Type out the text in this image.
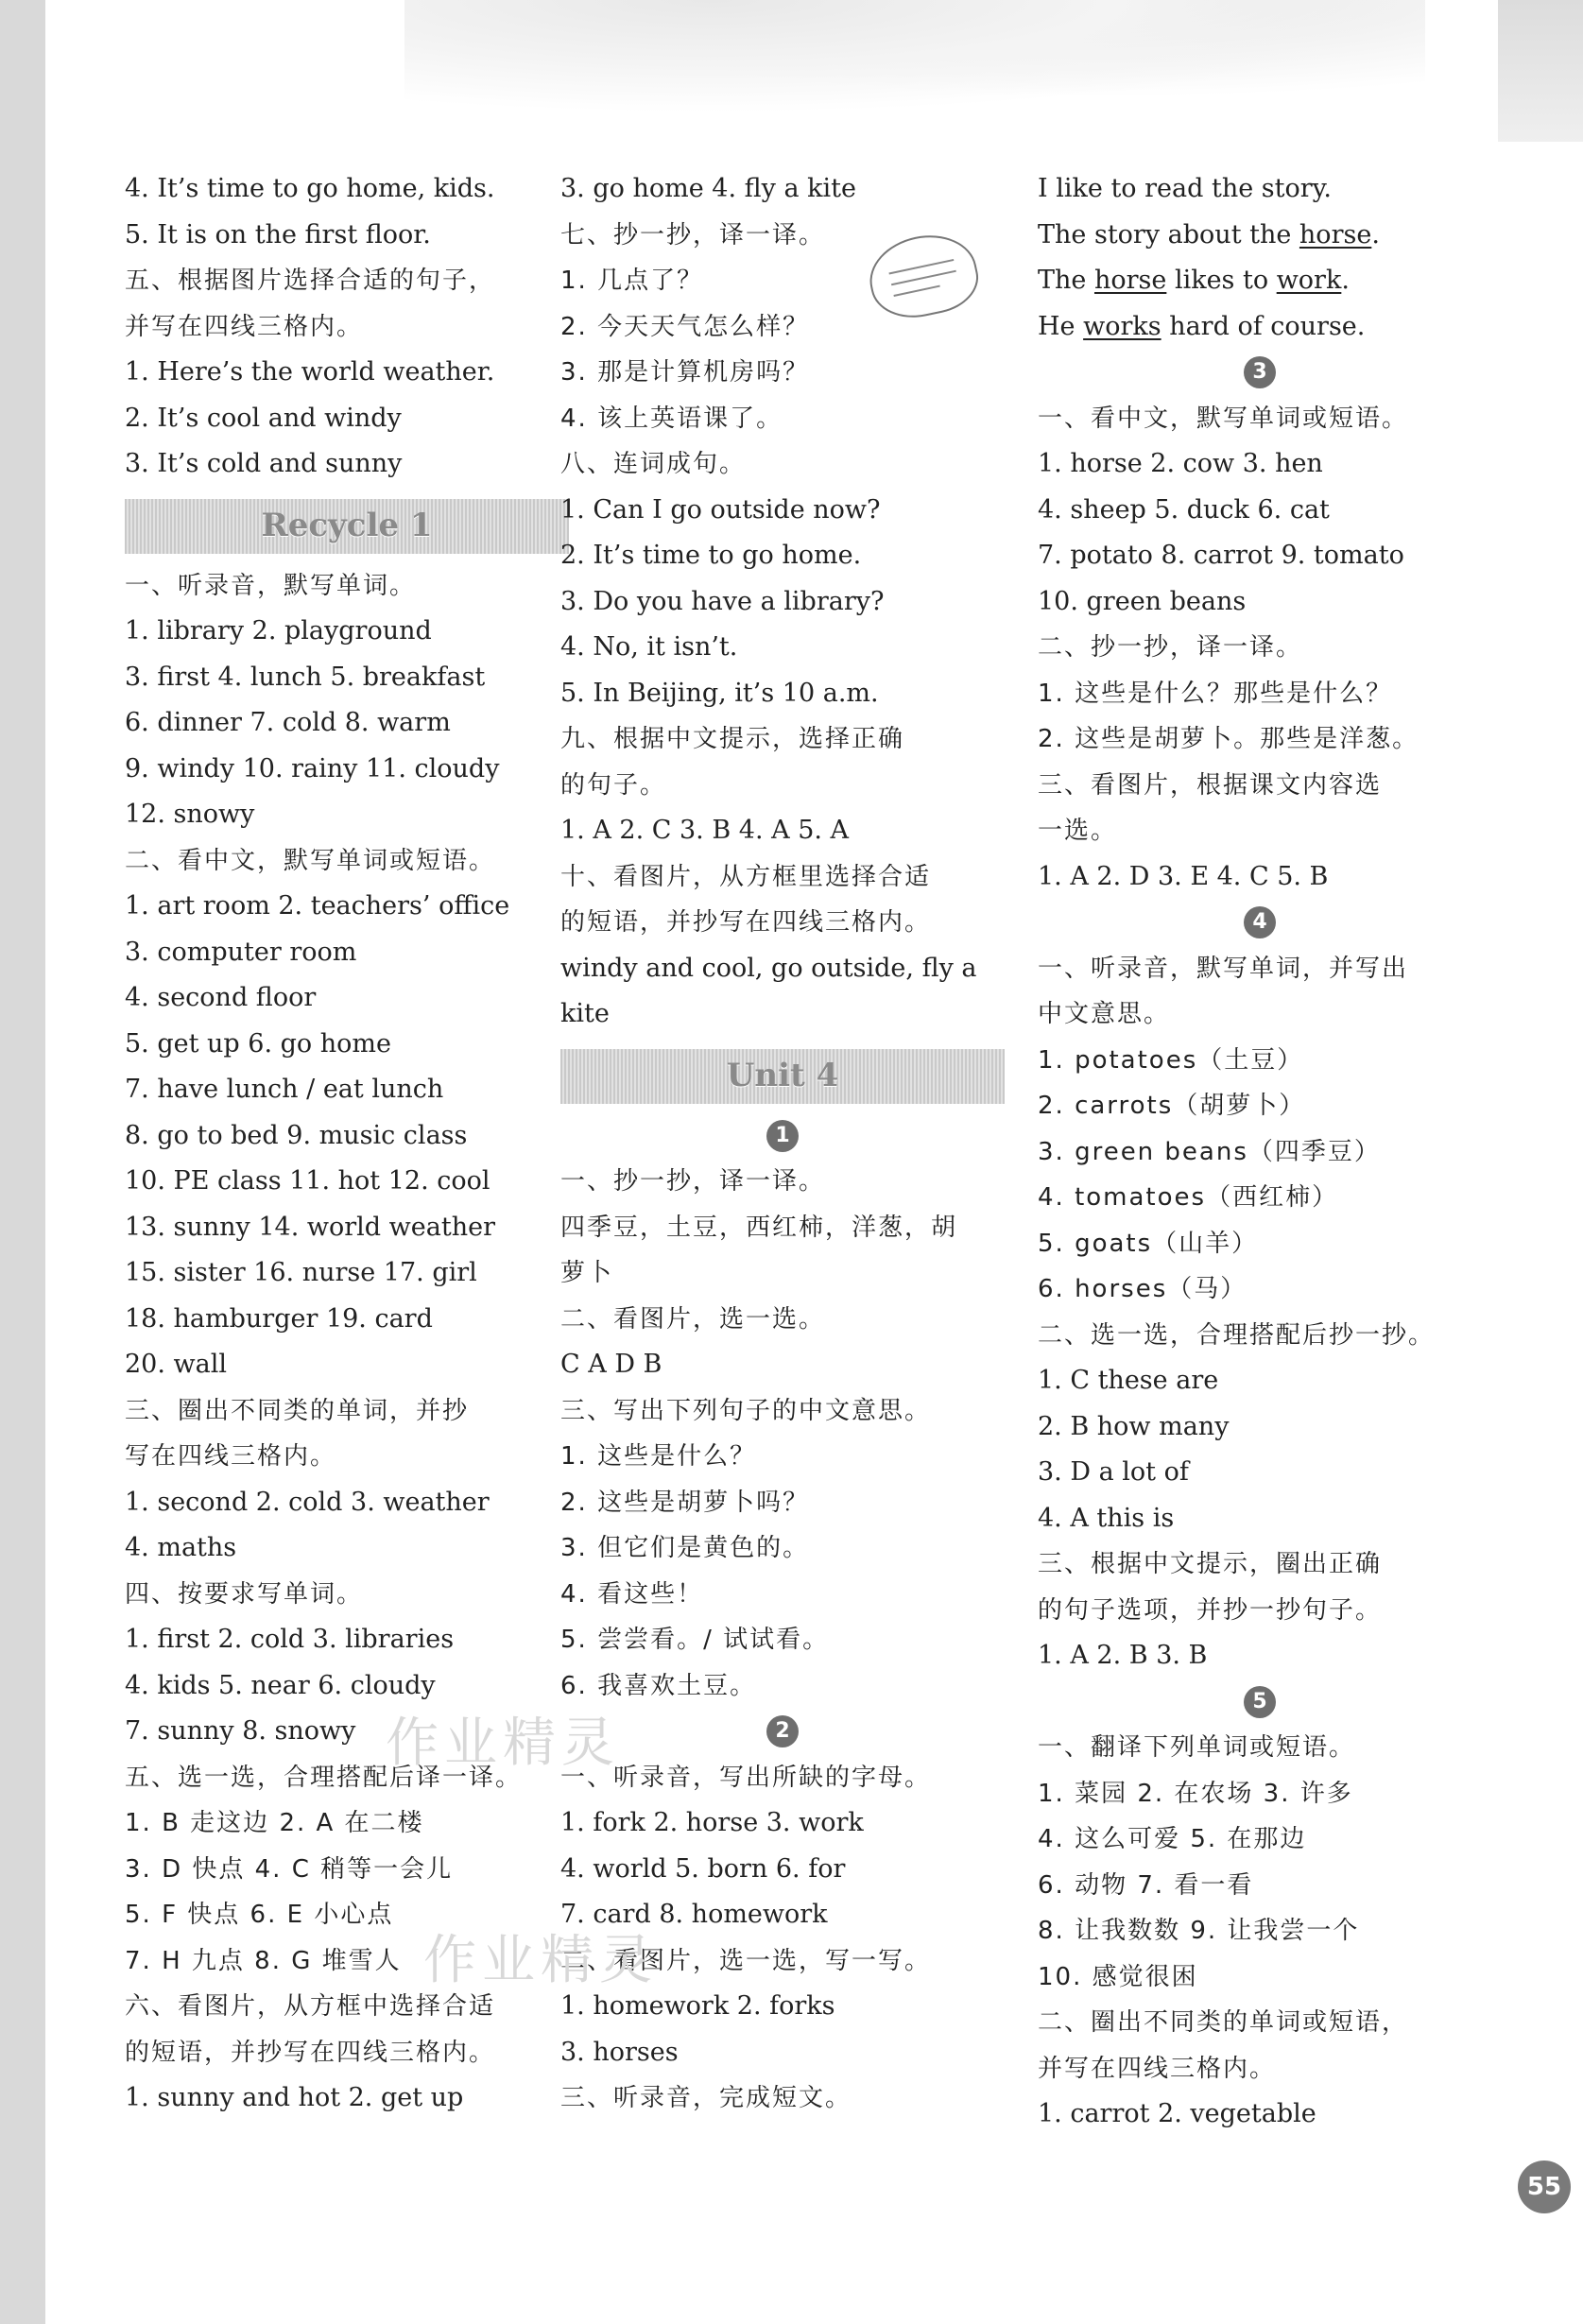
4. It’s time to go home, kids.
5. It is on the first floor.
五、根据图片选择合适的句子，
并写在四线三格内。
1. Here’s the world weather.
2. It’s cool and windy
3. It’s cold and sunny
Recycle 1
一、听录音，默写单词。
1. library 2. playground
3. first 4. lunch 5. breakfast
6. dinner 7. cold 8. warm
9. windy 10. rainy 11. cloudy
12. snowy
二、看中文，默写单词或短语。
1. art room 2. teachers’ office
3. computer room
4. second floor
5. get up 6. go home
7. have lunch / eat lunch
8. go to bed 9. music class
10. PE class 11. hot 12. cool
13. sunny 14. world weather
15. sister 16. nurse 17. girl
18. hamburger 19. card
20. wall
三、圈出不同类的单词，并抄
写在四线三格内。
1. second 2. cold 3. weather
4. maths
四、按要求写单词。
1. first 2. cold 3. libraries
4. kids 5. near 6. cloudy
7. sunny 8. snowy
五、选一选，合理搭配后译一译。
1. B 走这边 2. A 在二楼
3. D 快点 4. C 稍等一会儿
5. F 快点 6. E 小心点
7. H 九点 8. G 堆雪人
六、看图片，从方框中选择合适
的短语，并抄写在四线三格内。
1. sunny and hot 2. get up
3. go home 4. fly a kite
七、抄一抄，译一译。
1. 几点了？
2. 今天天气怎么样？
3. 那是计算机房吗？
4. 该上英语课了。
八、连词成句。
1. Can I go outside now?
2. It’s time to go home.
3. Do you have a library?
4. No, it isn’t.
5. In Beijing, it’s 10 a.m.
九、根据中文提示，选择正确
的句子。
1. A 2. C 3. B 4. A 5. A
十、看图片，从方框里选择合适
的短语，并抄写在四线三格内。
windy and cool, go outside, fly a
kite
Unit 4
1
一、抄一抄，译一译。
四季豆，土豆，西红柿，洋葱，胡
萝卜
二、看图片，选一选。
C A D B
三、写出下列句子的中文意思。
1. 这些是什么？
2. 这些是胡萝卜吗？
3. 但它们是黄色的。
4. 看这些！
5. 尝尝看。/ 试试看。
6. 我喜欢土豆。
2
一、听录音，写出所缺的字母。
1. fork 2. horse 3. work
4. world 5. born 6. for
7. card 8. homework
二、看图片，选一选，写一写。
1. homework 2. forks
3. horses
三、听录音，完成短文。
I like to read the story.
The story about the horse.
The horse likes to work.
He works hard of course.
3
一、看中文，默写单词或短语。
1. horse 2. cow 3. hen
4. sheep 5. duck 6. cat
7. potato 8. carrot 9. tomato
10. green beans
二、抄一抄，译一译。
1. 这些是什么？那些是什么？
2. 这些是胡萝卜。那些是洋葱。
三、看图片，根据课文内容选
一选。
1. A 2. D 3. E 4. C 5. B
4
一、听录音，默写单词，并写出
中文意思。
1. potatoes（土豆）
2. carrots（胡萝卜）
3. green beans（四季豆）
4. tomatoes（西红柿）
5. goats（山羊）
6. horses（马）
二、选一选，合理搭配后抄一抄。
1. C these are
2. B how many
3. D a lot of
4. A this is
三、根据中文提示，圈出正确
的句子选项，并抄一抄句子。
1. A 2. B 3. B
5
一、翻译下列单词或短语。
1. 菜园 2. 在农场 3. 许多
4. 这么可爱 5. 在那边
6. 动物 7. 看一看
8. 让我数数 9. 让我尝一个
10. 感觉很困
二、圈出不同类的单词或短语，
并写在四线三格内。
1. carrot 2. vegetable
作业精灵
作业精灵
55
